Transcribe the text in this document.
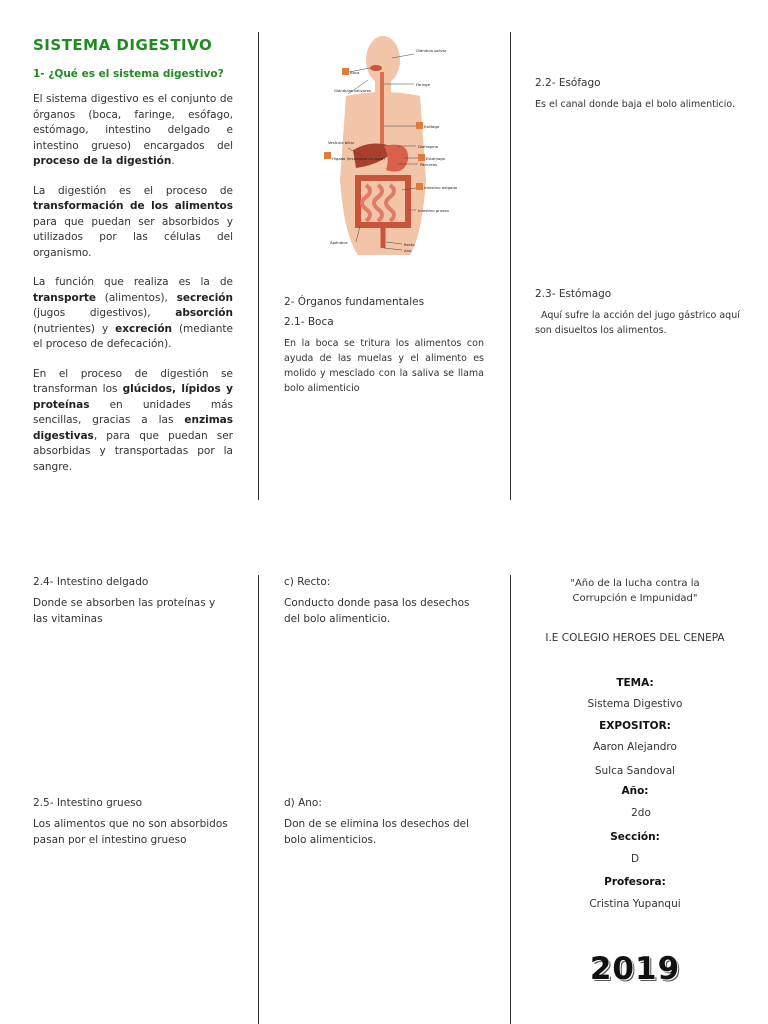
SISTEMA DIGESTIVO
1- ¿Qué es el sistema digestivo?

El sistema digestivo es el conjunto de órganos (boca, faringe, esófago, estómago, intestino delgado e intestino grueso) encargados del proceso de la digestión.

La digestión es el proceso de transformación de los alimentos para que puedan ser absorbidos y utilizados por las células del organismo.

La función que realiza es la de transporte (alimentos), secreción (jugos digestivos), absorción (nutrientes) y excreción (mediante el proceso de defecación).

En el proceso de digestión se transforman los glúcidos, lípidos y proteínas en unidades más sencillas, gracias a las enzimas digestivas, para que puedan ser absorbidas y transportadas por la sangre.

Glándula salivar
Boca
Faringe
Glándulas salivares
Esófago
Vesícula biliar
Hígado (levantado un poco)
Diafragma
Estómago
Páncreas
Intestino delgado
Intestino grueso
Apéndice	Recto
Ano
2- Órganos fundamentales
2.1- Boca

En la boca se tritura los alimentos con ayuda de las muelas y el alimento es molido y mesclado con la saliva se llama bolo alimenticio

2.2- Esófago

Es el canal donde baja el bolo alimenticio.

2.3- Estómago

Aquí sufre la acción del jugo gástrico aquí son disueltos los alimentos.

2.4- Intestino delgado

Donde se absorben las proteínas y las vitaminas

2.5- Intestino grueso

Los alimentos que no son absorbidos pasan por el intestino grueso

c) Recto:

Conducto donde pasa los desechos del bolo alimenticio.

d) Ano:

Don de se elimina los desechos del bolo alimenticios.

"Año de la lucha contra la Corrupción e Impunidad"
I.E COLEGIO HEROES DEL CENEPA
TEMA:
Sistema Digestivo
EXPOSITOR:
Aaron Alejandro
Sulca Sandoval
Año:
2do
Sección:
D
Profesora:
Cristina Yupanqui
2019
